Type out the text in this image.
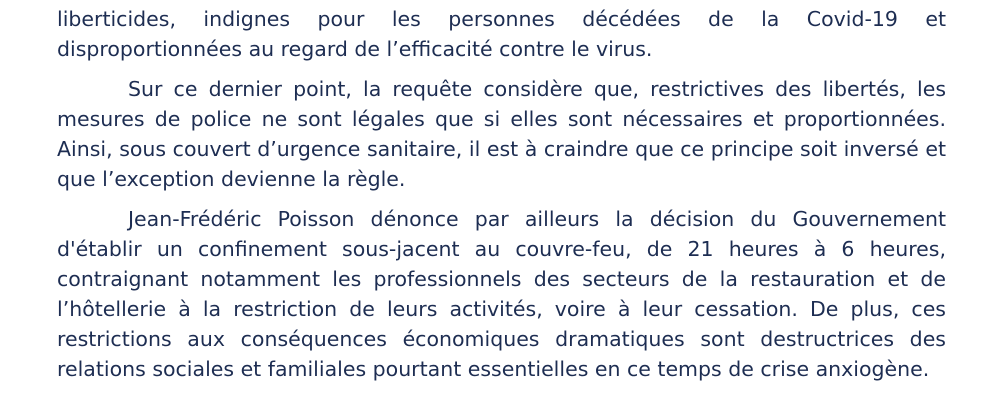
liberticides, indignes pour les personnes décédées de la Covid-19 et disproportionnées au regard de l’efficacité contre le virus.

Sur ce dernier point, la requête considère que, restrictives des libertés, les mesures de police ne sont légales que si elles sont nécessaires et proportionnées. Ainsi, sous couvert d’urgence sanitaire, il est à craindre que ce principe soit inversé et que l’exception devienne la règle.

Jean-Frédéric Poisson dénonce par ailleurs la décision du Gouvernement d'établir un confinement sous-jacent au couvre-feu, de 21 heures à 6 heures, contraignant notamment les professionnels des secteurs de la restauration et de l’hôtellerie à la restriction de leurs activités, voire à leur cessation. De plus, ces restrictions aux conséquences économiques dramatiques sont destructrices des relations sociales et familiales pourtant essentielles en ce temps de crise anxiogène.
